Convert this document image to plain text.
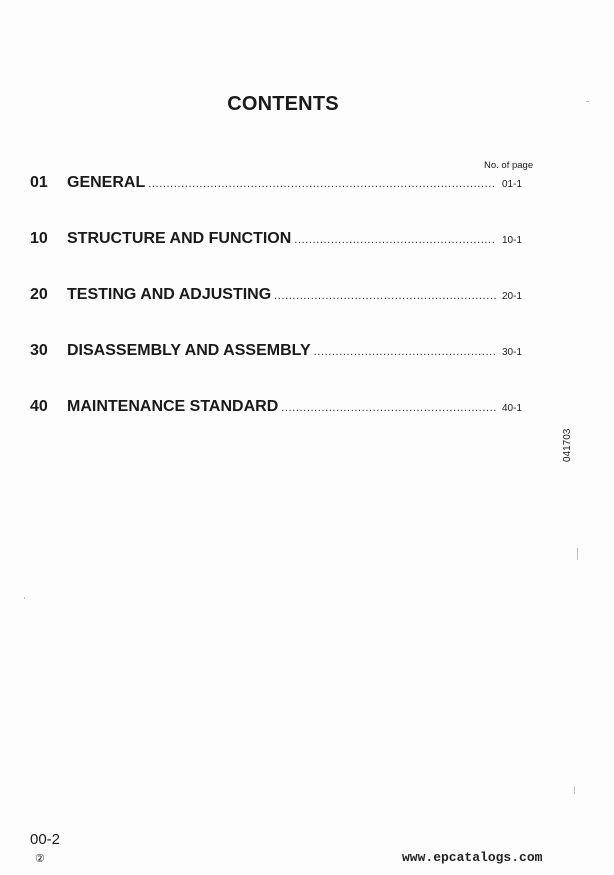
CONTENTS
No. of page
01	GENERAL .....	01-1
10	STRUCTURE AND FUNCTION .....	10-1
20	TESTING AND ADJUSTING .....	20-1
30	DISASSEMBLY AND ASSEMBLY .....	30-1
40	MAINTENANCE STANDARD .....	40-1
041703
00-2
②	www.epcatalogs.com
